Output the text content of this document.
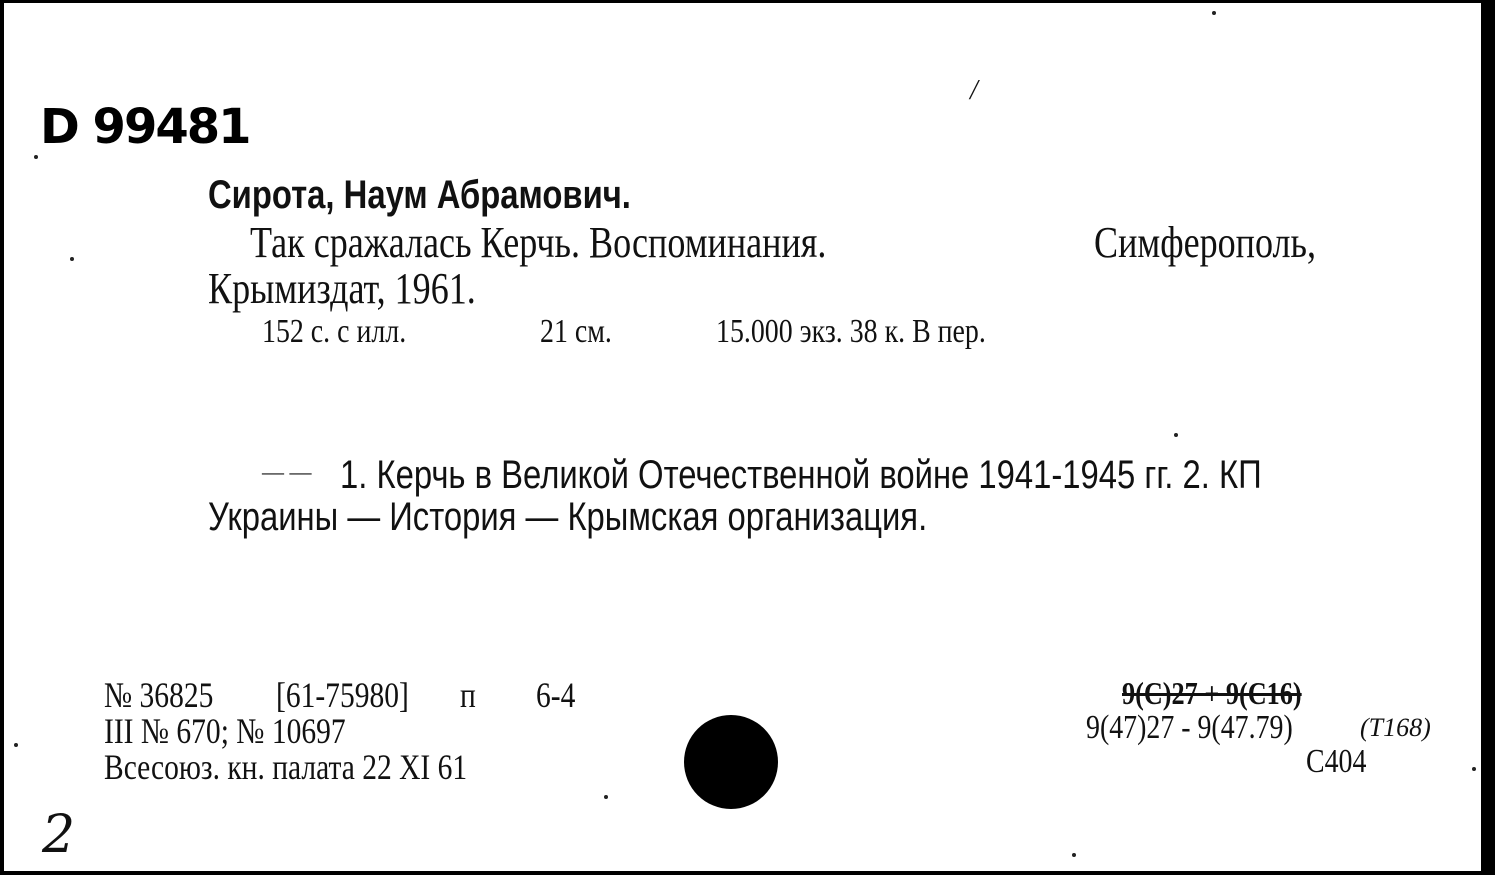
D 99481
/
Сирота, Наум Абрамович.
Так сражалась Керчь. Воспоминания.	Симферополь,
Крымиздат, 1961.
152 с. с илл.	21 см.	15.000 экз. 38 к. В пер.
— — 1. Керчь в Великой Отечественной войне 1941-1945 гг. 2. КП
Украины — История — Крымская организация.
№ 36825 [61-75980] п 6-4
III № 670; № 10697
Всесоюз. кн. палата 22 XI 61
9(C)27 + 9(C16)
9(47)27 - 9(47.79)	(T168)
С404
2
